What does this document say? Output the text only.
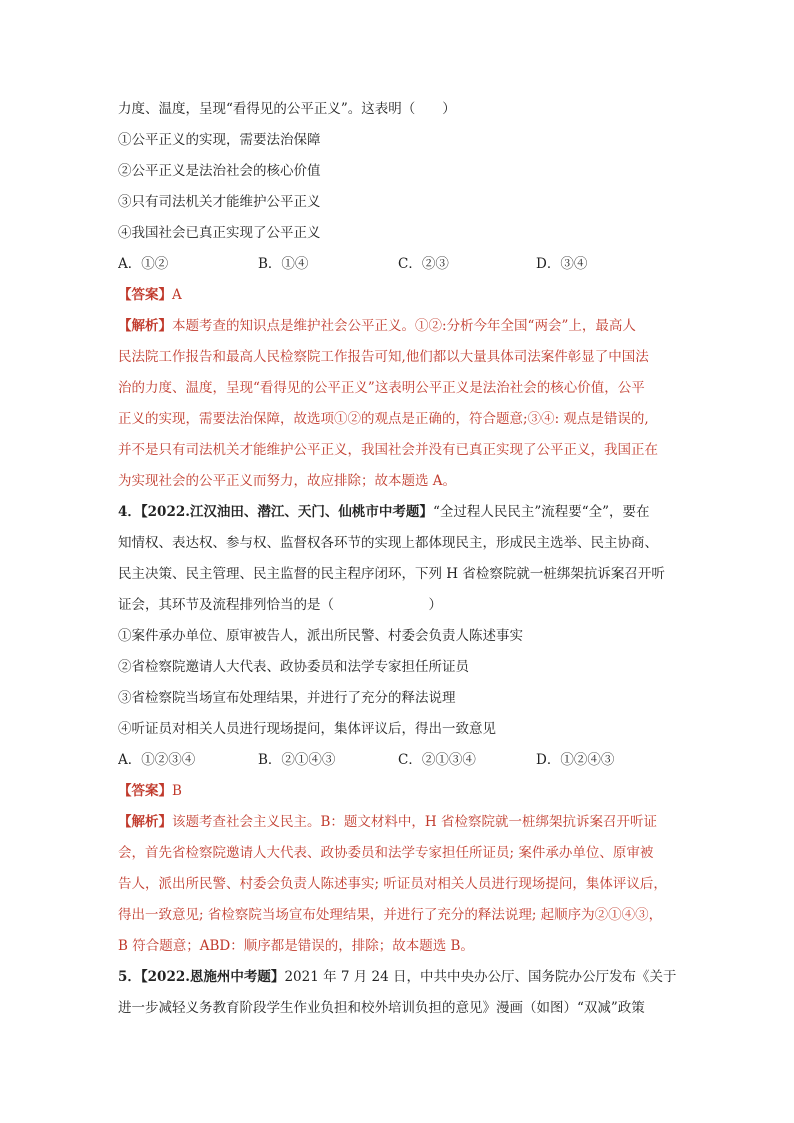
力度、温度，呈现“看得见的公平正义”。这表明（　　）
①公平正义的实现，需要法治保障
②公平正义是法治社会的核心价值
③只有司法机关才能维护公平正义
④我国社会已真正实现了公平正义
A．①②	B．①④	C．②③	D．③④
【答案】A
【解析】本题考查的知识点是维护社会公平正义。①②:分析今年全国“两会”上，最高人
民法院工作报告和最高人民检察院工作报告可知,他们都以大量具体司法案件彰显了中国法
治的力度、温度，呈现“看得见的公平正义”这表明公平正义是法治社会的核心价值，公平
正义的实现，需要法治保障，故选项①②的观点是正确的，符合题意;③④: 观点是错误的,
并不是只有司法机关才能维护公平正义，我国社会并没有已真正实现了公平正义，我国正在
为实现社会的公平正义而努力，故应排除；故本题选 A。
4．【2022.江汉油田、潜江、天门、仙桃市中考题】“全过程人民民主”流程要“全”，要在
知情权、表达权、参与权、监督权各环节的实现上都体现民主，形成民主选举、民主协商、
民主决策、民主管理、民主监督的民主程序闭环，下列 H 省检察院就一桩绑架抗诉案召开听
证会，其环节及流程排列恰当的是（　　　　　　　）
①案件承办单位、原审被告人，派出所民警、村委会负责人陈述事实
②省检察院邀请人大代表、政协委员和法学专家担任所证员
③省检察院当场宣布处理结果，并进行了充分的释法说理
④听证员对相关人员进行现场提问，集体评议后，得出一致意见
A．①②③④	B．②①④③	C．②①③④	D．①②④③
【答案】B
【解析】该题考查社会主义民主。B：题文材料中，H 省检察院就一桩绑架抗诉案召开听证
会，首先省检察院邀请人大代表、政协委员和法学专家担任所证员; 案件承办单位、原审被
告人，派出所民警、村委会负责人陈述事实; 听证员对相关人员进行现场提问，集体评议后，
得出一致意见; 省检察院当场宣布处理结果，并进行了充分的释法说理; 起顺序为②①④③，
B 符合题意；ABD：顺序都是错误的，排除；故本题选 B。
5．【2022.恩施州中考题】2021 年 7 月 24 日，中共中央办公厅、国务院办公厅发布《关于
进一步减轻义务教育阶段学生作业负担和校外培训负担的意见》漫画（如图）“双减”政策
